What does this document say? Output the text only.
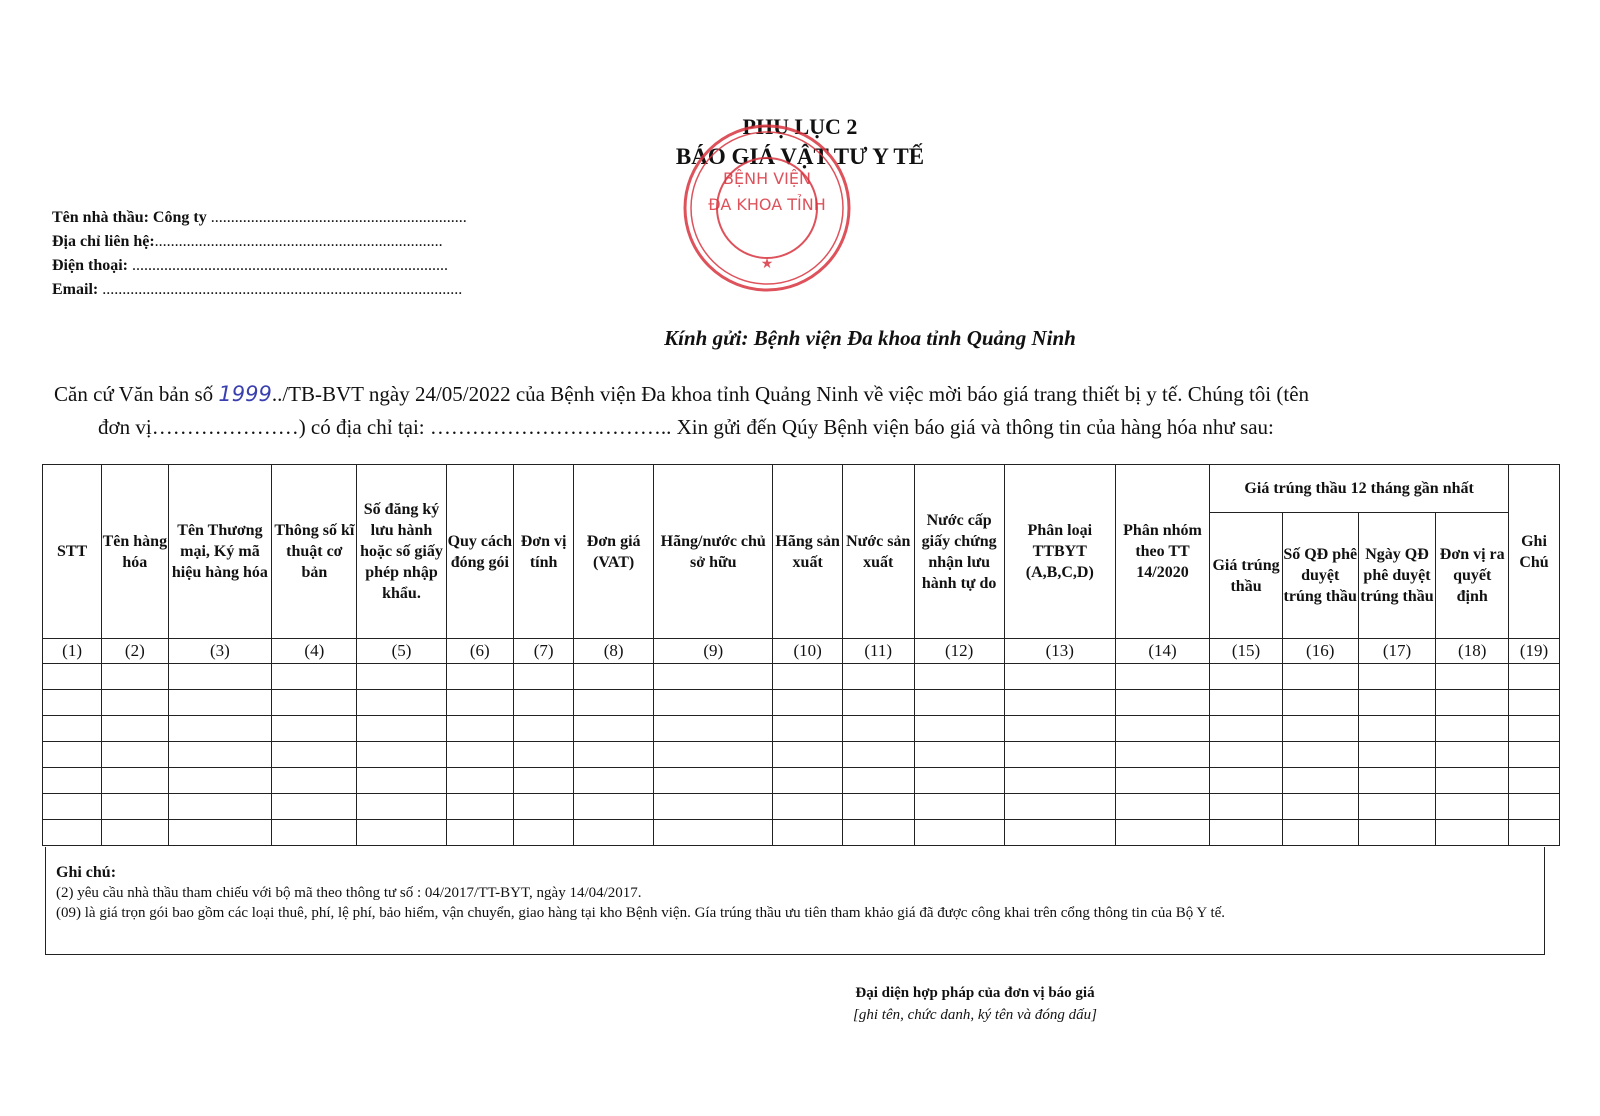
PHỤ LỤC 2
BÁO GIÁ VẬT TƯ Y TẾ
BỆNH VIỆN
ĐA KHOA TỈNH
★
Tên nhà thầu: Công ty ................................................................
Địa chỉ liên hệ:........................................................................
Điện thoại: ...............................................................................
Email: ..........................................................................................
Kính gửi: Bệnh viện Đa khoa tỉnh Quảng Ninh
Căn cứ Văn bản số 1999../TB-BVT ngày 24/05/2022 của Bệnh viện Đa khoa tỉnh Quảng Ninh về việc mời báo giá trang thiết bị y tế. Chúng tôi (tên
đơn vị…………………) có địa chỉ tại: …………………………….. Xin gửi đến Qúy Bệnh viện báo giá và thông tin của hàng hóa như sau:
STT	Tên hàng hóa	Tên Thương mại, Ký mã hiệu hàng hóa	Thông số kĩ thuật cơ bản	Số đăng ký lưu hành hoặc số giấy phép nhập khẩu.	Quy cách đóng gói	Đơn vị tính	Đơn giá (VAT)	Hãng/nước chủ sở hữu	Hãng sản xuất	Nước sản xuất	Nước cấp giấy chứng nhận lưu hành tự do	Phân loại TTBYT (A,B,C,D)	Phân nhóm theo TT 14/2020	Giá trúng thầu 12 tháng gần nhất				Ghi Chú
														Giá trúng thầu	Số QĐ phê duyệt trúng thầu	Ngày QĐ phê duyệt trúng thầu	Đơn vị ra quyết định	
(1)	(2)	(3)	(4)	(5)	(6)	(7)	(8)	(9)	(10)	(11)	(12)	(13)	(14)	(15)	(16)	(17)	(18)	(19)

Ghi chú:
(2) yêu cầu nhà thầu tham chiếu với bộ mã theo thông tư số : 04/2017/TT-BYT, ngày 14/04/2017.
(09) là giá trọn gói bao gồm các loại thuê, phí, lệ phí, bảo hiểm, vận chuyển, giao hàng tại kho Bệnh viện. Gía trúng thầu ưu tiên tham khảo giá đã được công khai trên cổng thông tin của Bộ Y tế.
Đại diện hợp pháp của đơn vị báo giá
[ghi tên, chức danh, ký tên và đóng dấu]
